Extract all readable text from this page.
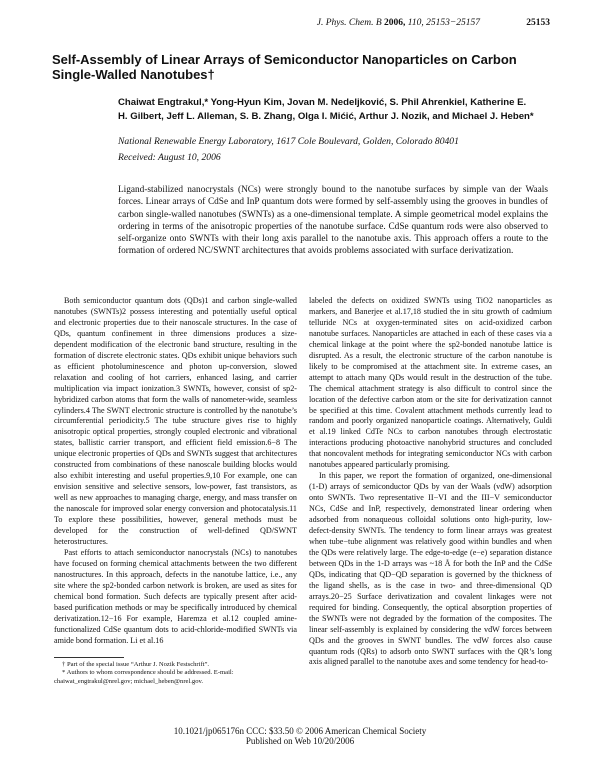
J. Phys. Chem. B 2006, 110, 25153−25157	25153
Self-Assembly of Linear Arrays of Semiconductor Nanoparticles on Carbon Single-Walled Nanotubes†
Chaiwat Engtrakul,* Yong-Hyun Kim, Jovan M. Nedeljković, S. Phil Ahrenkiel, Katherine E. H. Gilbert, Jeff L. Alleman, S. B. Zhang, Olga I. Mićić, Arthur J. Nozik, and Michael J. Heben*
National Renewable Energy Laboratory, 1617 Cole Boulevard, Golden, Colorado 80401
Received: August 10, 2006
Ligand-stabilized nanocrystals (NCs) were strongly bound to the nanotube surfaces by simple van der Waals forces. Linear arrays of CdSe and InP quantum dots were formed by self-assembly using the grooves in bundles of carbon single-walled nanotubes (SWNTs) as a one-dimensional template. A simple geometrical model explains the ordering in terms of the anisotropic properties of the nanotube surface. CdSe quantum rods were also observed to self-organize onto SWNTs with their long axis parallel to the nanotube axis. This approach offers a route to the formation of ordered NC/SWNT architectures that avoids problems associated with surface derivatization.

Both semiconductor quantum dots (QDs)1 and carbon single-walled nanotubes (SWNTs)2 possess interesting and potentially useful optical and electronic properties due to their nanoscale structures. In the case of QDs, quantum confinement in three dimensions produces a size-dependent modification of the electronic band structure, resulting in the formation of discrete electronic states. QDs exhibit unique behaviors such as efficient photoluminescence and photon up-conversion, slowed relaxation and cooling of hot carriers, enhanced lasing, and carrier multiplication via impact ionization.3 SWNTs, however, consist of sp2-hybridized carbon atoms that form the walls of nanometer-wide, seamless cylinders.4 The SWNT electronic structure is controlled by the nanotube’s circumferential periodicity.5 The tube structure gives rise to highly anisotropic optical properties, strongly coupled electronic and vibrational states, ballistic carrier transport, and efficient field emission.6−8 The unique electronic properties of QDs and SWNTs suggest that architectures constructed from combinations of these nanoscale building blocks would also exhibit interesting and useful properties.9,10 For example, one can envision sensitive and selective sensors, low-power, fast transistors, as well as new approaches to managing charge, energy, and mass transfer on the nanoscale for improved solar energy conversion and photocatalysis.11 To explore these possibilities, however, general methods must be developed for the construction of well-defined QD/SWNT heterostructures.

Past efforts to attach semiconductor nanocrystals (NCs) to nanotubes have focused on forming chemical attachments between the two different nanostructures. In this approach, defects in the nanotube lattice, i.e., any site where the sp2-bonded carbon network is broken, are used as sites for chemical bond formation. Such defects are typically present after acid-based purification methods or may be specifically introduced by chemical derivatization.12−16 For example, Haremza et al.12 coupled amine-functionalized CdSe quantum dots to acid-chloride-modified SWNTs via amide bond formation. Li et al.16

labeled the defects on oxidized SWNTs using TiO2 nanoparticles as markers, and Banerjee et al.17,18 studied the in situ growth of cadmium telluride NCs at oxygen-terminated sites on acid-oxidized carbon nanotube surfaces. Nanoparticles are attached in each of these cases via a chemical linkage at the point where the sp2-bonded nanotube lattice is disrupted. As a result, the electronic structure of the carbon nanotube is likely to be compromised at the attachment site. In extreme cases, an attempt to attach many QDs would result in the destruction of the tube. The chemical attachment strategy is also difficult to control since the location of the defective carbon atom or the site for derivatization cannot be specified at this time. Covalent attachment methods currently lead to random and poorly organized nanoparticle coatings. Alternatively, Guldi et al.19 linked CdTe NCs to carbon nanotubes through electrostatic interactions producing photoactive nanohybrid structures and concluded that noncovalent methods for integrating semiconductor NCs with carbon nanotubes appeared particularly promising.

In this paper, we report the formation of organized, one-dimensional (1-D) arrays of semiconductor QDs by van der Waals (vdW) adsorption onto SWNTs. Two representative II−VI and the III−V semiconductor NCs, CdSe and InP, respectively, demonstrated linear ordering when adsorbed from nonaqueous colloidal solutions onto high-purity, low-defect-density SWNTs. The tendency to form linear arrays was greatest when tube−tube alignment was relatively good within bundles and when the QDs were relatively large. The edge-to-edge (e−e) separation distance between QDs in the 1-D arrays was ~18 Å for both the InP and the CdSe QDs, indicating that QD−QD separation is governed by the thickness of the ligand shells, as is the case in two- and three-dimensional QD arrays.20−25 Surface derivatization and covalent linkages were not required for binding. Consequently, the optical absorption properties of the SWNTs were not degraded by the formation of the composites. The linear self-assembly is explained by considering the vdW forces between QDs and the grooves in SWNT bundles. The vdW forces also cause quantum rods (QRs) to adsorb onto SWNT surfaces with the QR’s long axis aligned parallel to the nanotube axes and some tendency for head-to-

† Part of the special issue “Arthur J. Nozik Festschrift”.

* Authors to whom correspondence should be addressed. E-mail: chaiwat_engtrakul@nrel.gov; michael_heben@nrel.gov.

10.1021/jp065176n CCC: $33.50 © 2006 American Chemical Society
Published on Web 10/20/2006
